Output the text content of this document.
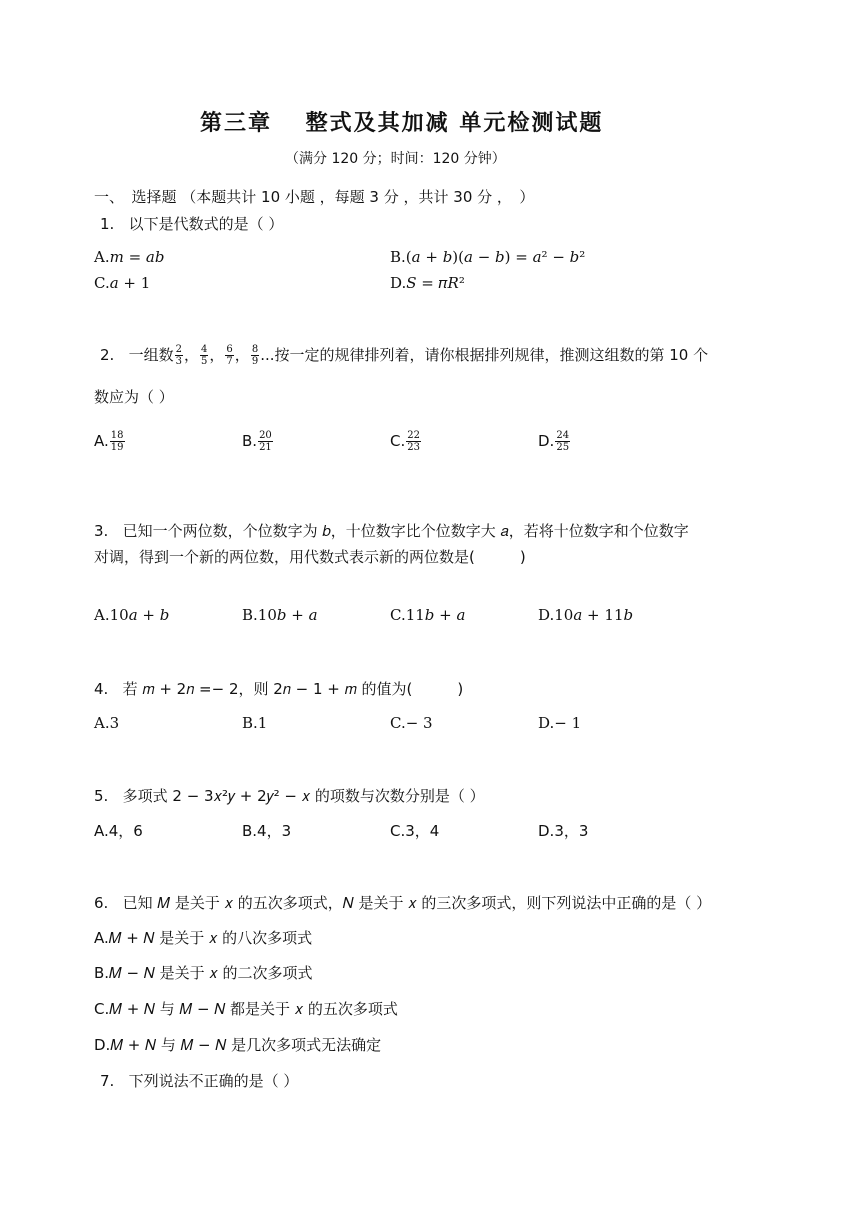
第三章　 整式及其加减 单元检测试题
（满分 120 分；时间：120 分钟）
一、　选择题 （本题共计 10 小题 ，每题 3 分 ，共计 30 分 ，　）
1. 以下是代数式的是（ ）
A.𝑚 = 𝑎𝑏	B.(𝑎 + 𝑏)(𝑎 − 𝑏) = 𝑎² − 𝑏²
C.𝑎 + 1	D.𝑆 = 𝜋𝑅²
2. 一组数 $\frac{2}{3}$ ， $\frac{4}{5}$ ， $\frac{6}{7}$ ， $\frac{8}{9}$ ...按一定的规律排列着，请你根据排列规律，推测这组数的第 10 个
数应为（ ）
A. $\frac{18}{19}$	B. $\frac{20}{21}$	C. $\frac{22}{23}$	D. $\frac{24}{25}$
3. 已知一个两位数，个位数字为 𝑏，十位数字比个位数字大 𝑎，若将十位数字和个位数字
对调，得到一个新的两位数，用代数式表示新的两位数是(　　　)
A.10𝑎 + 𝑏	B.10𝑏 + 𝑎	C.11𝑏 + 𝑎	D.10𝑎 + 11𝑏
4. 若 𝑚 + 2𝑛 =− 2，则 2𝑛 − 1 + 𝑚 的值为(　　　)
A.3	B.1	C.− 3	D.− 1
5. 多项式 2 − 3𝑥²𝑦 + 2𝑦² − 𝑥 的项数与次数分别是（ ）
A.4，6	B.4，3	C.3，4	D.3，3
6. 已知 𝑀 是关于 𝑥 的五次多项式，𝑁 是关于 𝑥 的三次多项式，则下列说法中正确的是（ ）
A.𝑀 + 𝑁 是关于 𝑥 的八次多项式
B.𝑀 − 𝑁 是关于 𝑥 的二次多项式
C.𝑀 + 𝑁 与 𝑀 − 𝑁 都是关于 𝑥 的五次多项式
D.𝑀 + 𝑁 与 𝑀 − 𝑁 是几次多项式无法确定
7. 下列说法不正确的是（ ）
